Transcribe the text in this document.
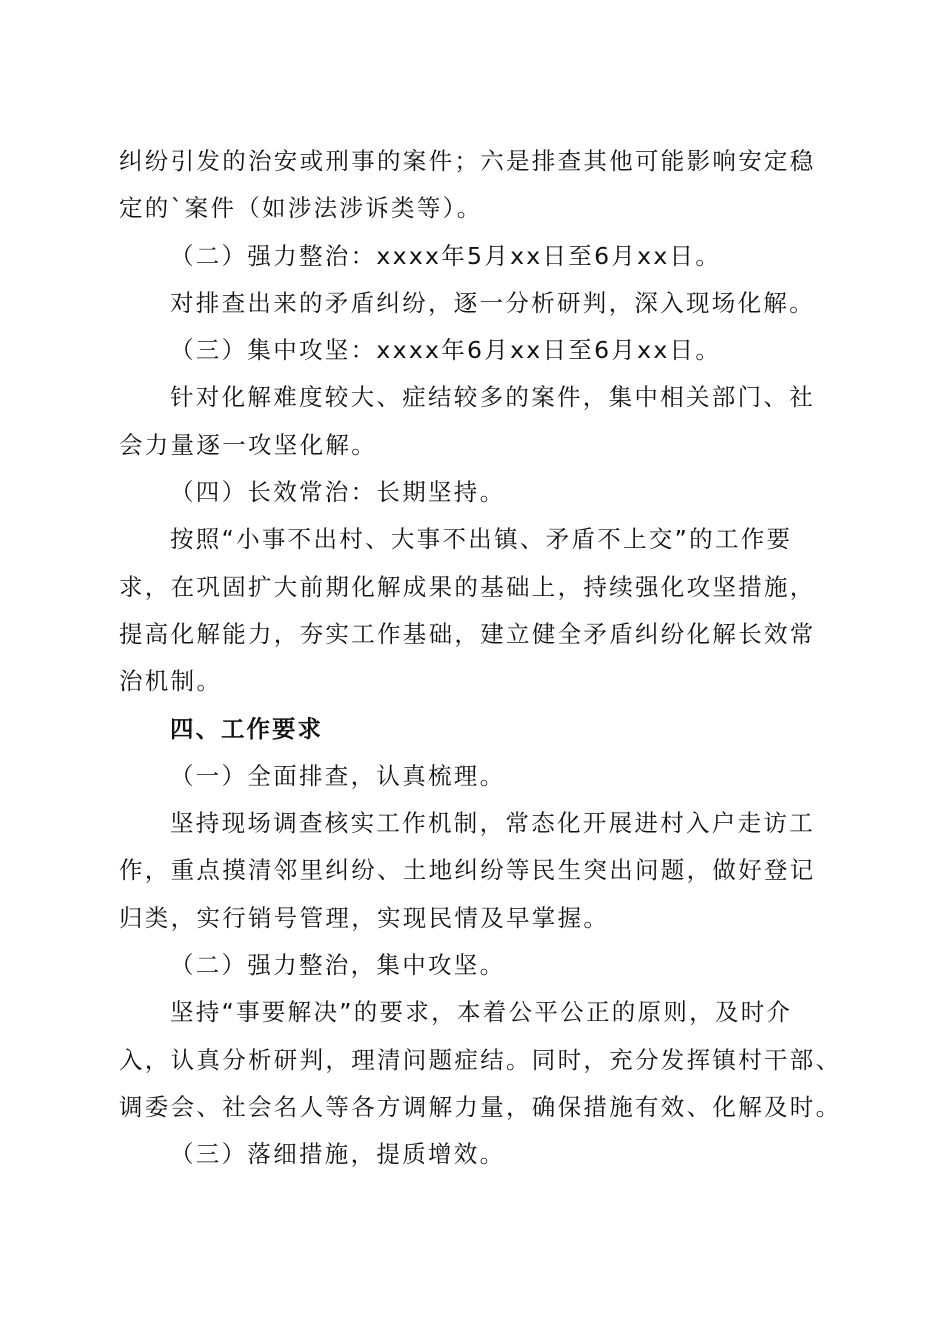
纠纷引发的治安或刑事的案件；六是排查其他可能影响安定稳
定的`案件（如涉法涉诉类等）。
（二）强力整治：xxxx年5月xx日至6月xx日。
对排查出来的矛盾纠纷，逐一分析研判，深入现场化解。
（三）集中攻坚：xxxx年6月xx日至6月xx日。
针对化解难度较大、症结较多的案件，集中相关部门、社
会力量逐一攻坚化解。
（四）长效常治：长期坚持。
按照“小事不出村、大事不出镇、矛盾不上交”的工作要
求，在巩固扩大前期化解成果的基础上，持续强化攻坚措施，
提高化解能力，夯实工作基础，建立健全矛盾纠纷化解长效常
治机制。
四、工作要求
（一）全面排查，认真梳理。
坚持现场调查核实工作机制，常态化开展进村入户走访工
作，重点摸清邻里纠纷、土地纠纷等民生突出问题，做好登记
归类，实行销号管理，实现民情及早掌握。
（二）强力整治，集中攻坚。
坚持“事要解决”的要求，本着公平公正的原则，及时介
入，认真分析研判，理清问题症结。同时，充分发挥镇村干部、
调委会、社会名人等各方调解力量，确保措施有效、化解及时。
（三）落细措施，提质增效。
